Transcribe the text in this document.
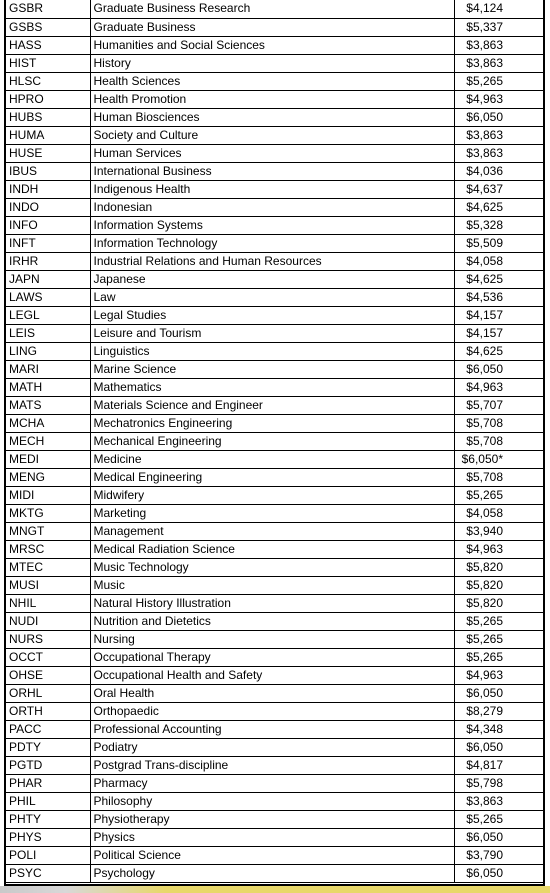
GSBR	Graduate Business Research	$4,124
GSBS	Graduate Business	$5,337
HASS	Humanities and Social Sciences	$3,863
HIST	History	$3,863
HLSC	Health Sciences	$5,265
HPRO	Health Promotion	$4,963
HUBS	Human Biosciences	$6,050
HUMA	Society and Culture	$3,863
HUSE	Human Services	$3,863
IBUS	International Business	$4,036
INDH	Indigenous Health	$4,637
INDO	Indonesian	$4,625
INFO	Information Systems	$5,328
INFT	Information Technology	$5,509
IRHR	Industrial Relations and Human Resources	$4,058
JAPN	Japanese	$4,625
LAWS	Law	$4,536
LEGL	Legal Studies	$4,157
LEIS	Leisure and Tourism	$4,157
LING	Linguistics	$4,625
MARI	Marine Science	$6,050
MATH	Mathematics	$4,963
MATS	Materials Science and Engineer	$5,707
MCHA	Mechatronics Engineering	$5,708
MECH	Mechanical Engineering	$5,708
MEDI	Medicine	$6,050*
MENG	Medical Engineering	$5,708
MIDI	Midwifery	$5,265
MKTG	Marketing	$4,058
MNGT	Management	$3,940
MRSC	Medical Radiation Science	$4,963
MTEC	Music Technology	$5,820
MUSI	Music	$5,820
NHIL	Natural History Illustration	$5,820
NUDI	Nutrition and Dietetics	$5,265
NURS	Nursing	$5,265
OCCT	Occupational Therapy	$5,265
OHSE	Occupational Health and Safety	$4,963
ORHL	Oral Health	$6,050
ORTH	Orthopaedic	$8,279
PACC	Professional Accounting	$4,348
PDTY	Podiatry	$6,050
PGTD	Postgrad Trans-discipline	$4,817
PHAR	Pharmacy	$5,798
PHIL	Philosophy	$3,863
PHTY	Physiotherapy	$5,265
PHYS	Physics	$6,050
POLI	Political Science	$3,790
PSYC	Psychology	$6,050
